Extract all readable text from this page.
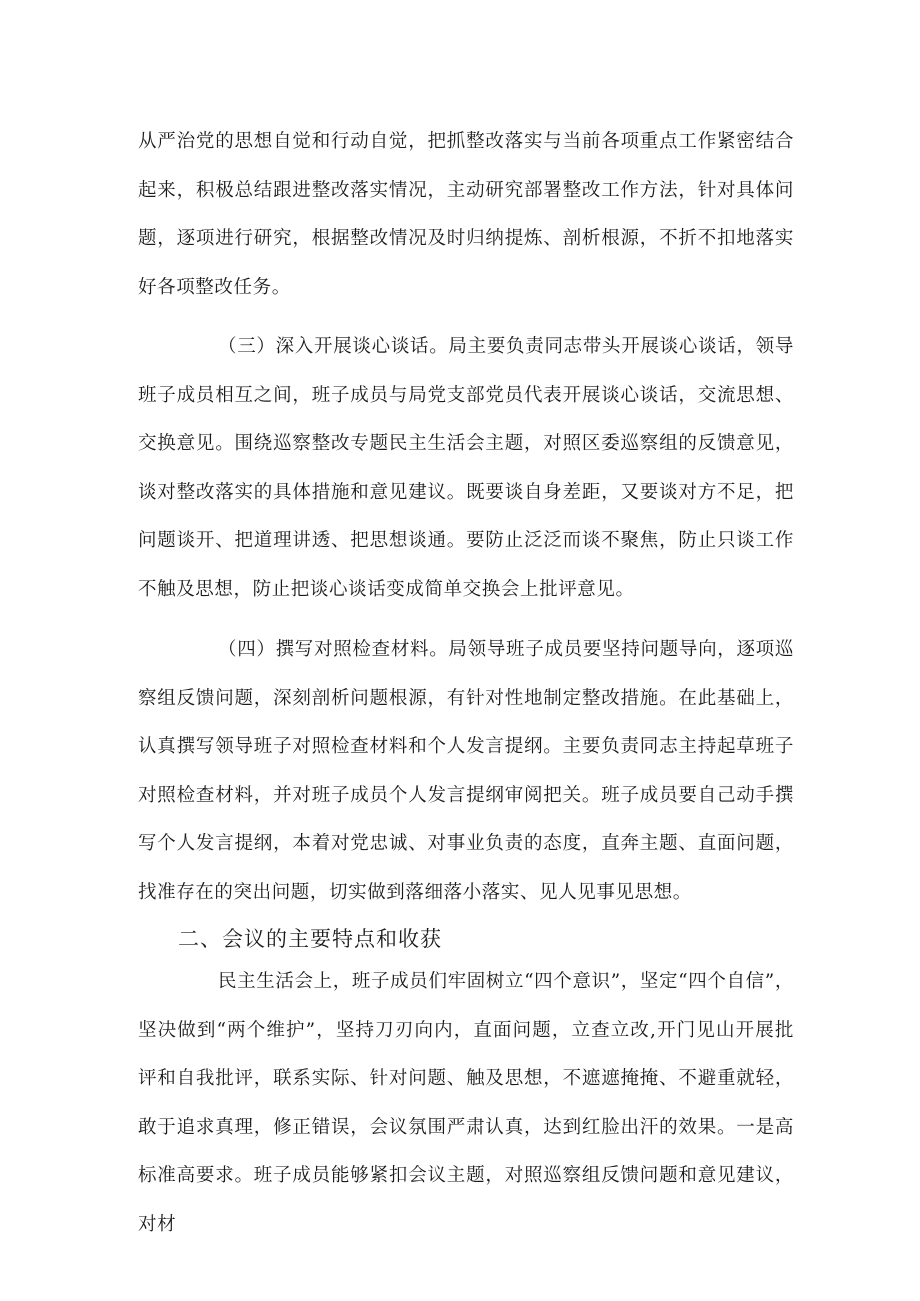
从严治党的思想自觉和行动自觉，把抓整改落实与当前各项重点工作紧密结合起来，积极总结跟进整改落实情况，主动研究部署整改工作方法，针对具体问题，逐项进行研究，根据整改情况及时归纳提炼、剖析根源，不折不扣地落实好各项整改任务。

（三）深入开展谈心谈话。局主要负责同志带头开展谈心谈话，领导班子成员相互之间，班子成员与局党支部党员代表开展谈心谈话，交流思想、交换意见。围绕巡察整改专题民主生活会主题，对照区委巡察组的反馈意见，谈对整改落实的具体措施和意见建议。既要谈自身差距，又要谈对方不足，把问题谈开、把道理讲透、把思想谈通。要防止泛泛而谈不聚焦，防止只谈工作不触及思想，防止把谈心谈话变成简单交换会上批评意见。

（四）撰写对照检查材料。局领导班子成员要坚持问题导向，逐项巡察组反馈问题，深刻剖析问题根源，有针对性地制定整改措施。在此基础上，认真撰写领导班子对照检查材料和个人发言提纲。主要负责同志主持起草班子对照检查材料，并对班子成员个人发言提纲审阅把关。班子成员要自己动手撰写个人发言提纲，本着对党忠诚、对事业负责的态度，直奔主题、直面问题，找准存在的突出问题，切实做到落细落小落实、见人见事见思想。

二、会议的主要特点和收获

民主生活会上，班子成员们牢固树立“四个意识”，坚定“四个自信”，坚决做到“两个维护”，坚持刀刃向内，直面问题，立查立改,开门见山开展批评和自我批评，联系实际、针对问题、触及思想，不遮遮掩掩、不避重就轻，敢于追求真理，修正错误，会议氛围严肃认真，达到红脸出汗的效果。一是高标准高要求。班子成员能够紧扣会议主题，对照巡察组反馈问题和意见建议，对材
